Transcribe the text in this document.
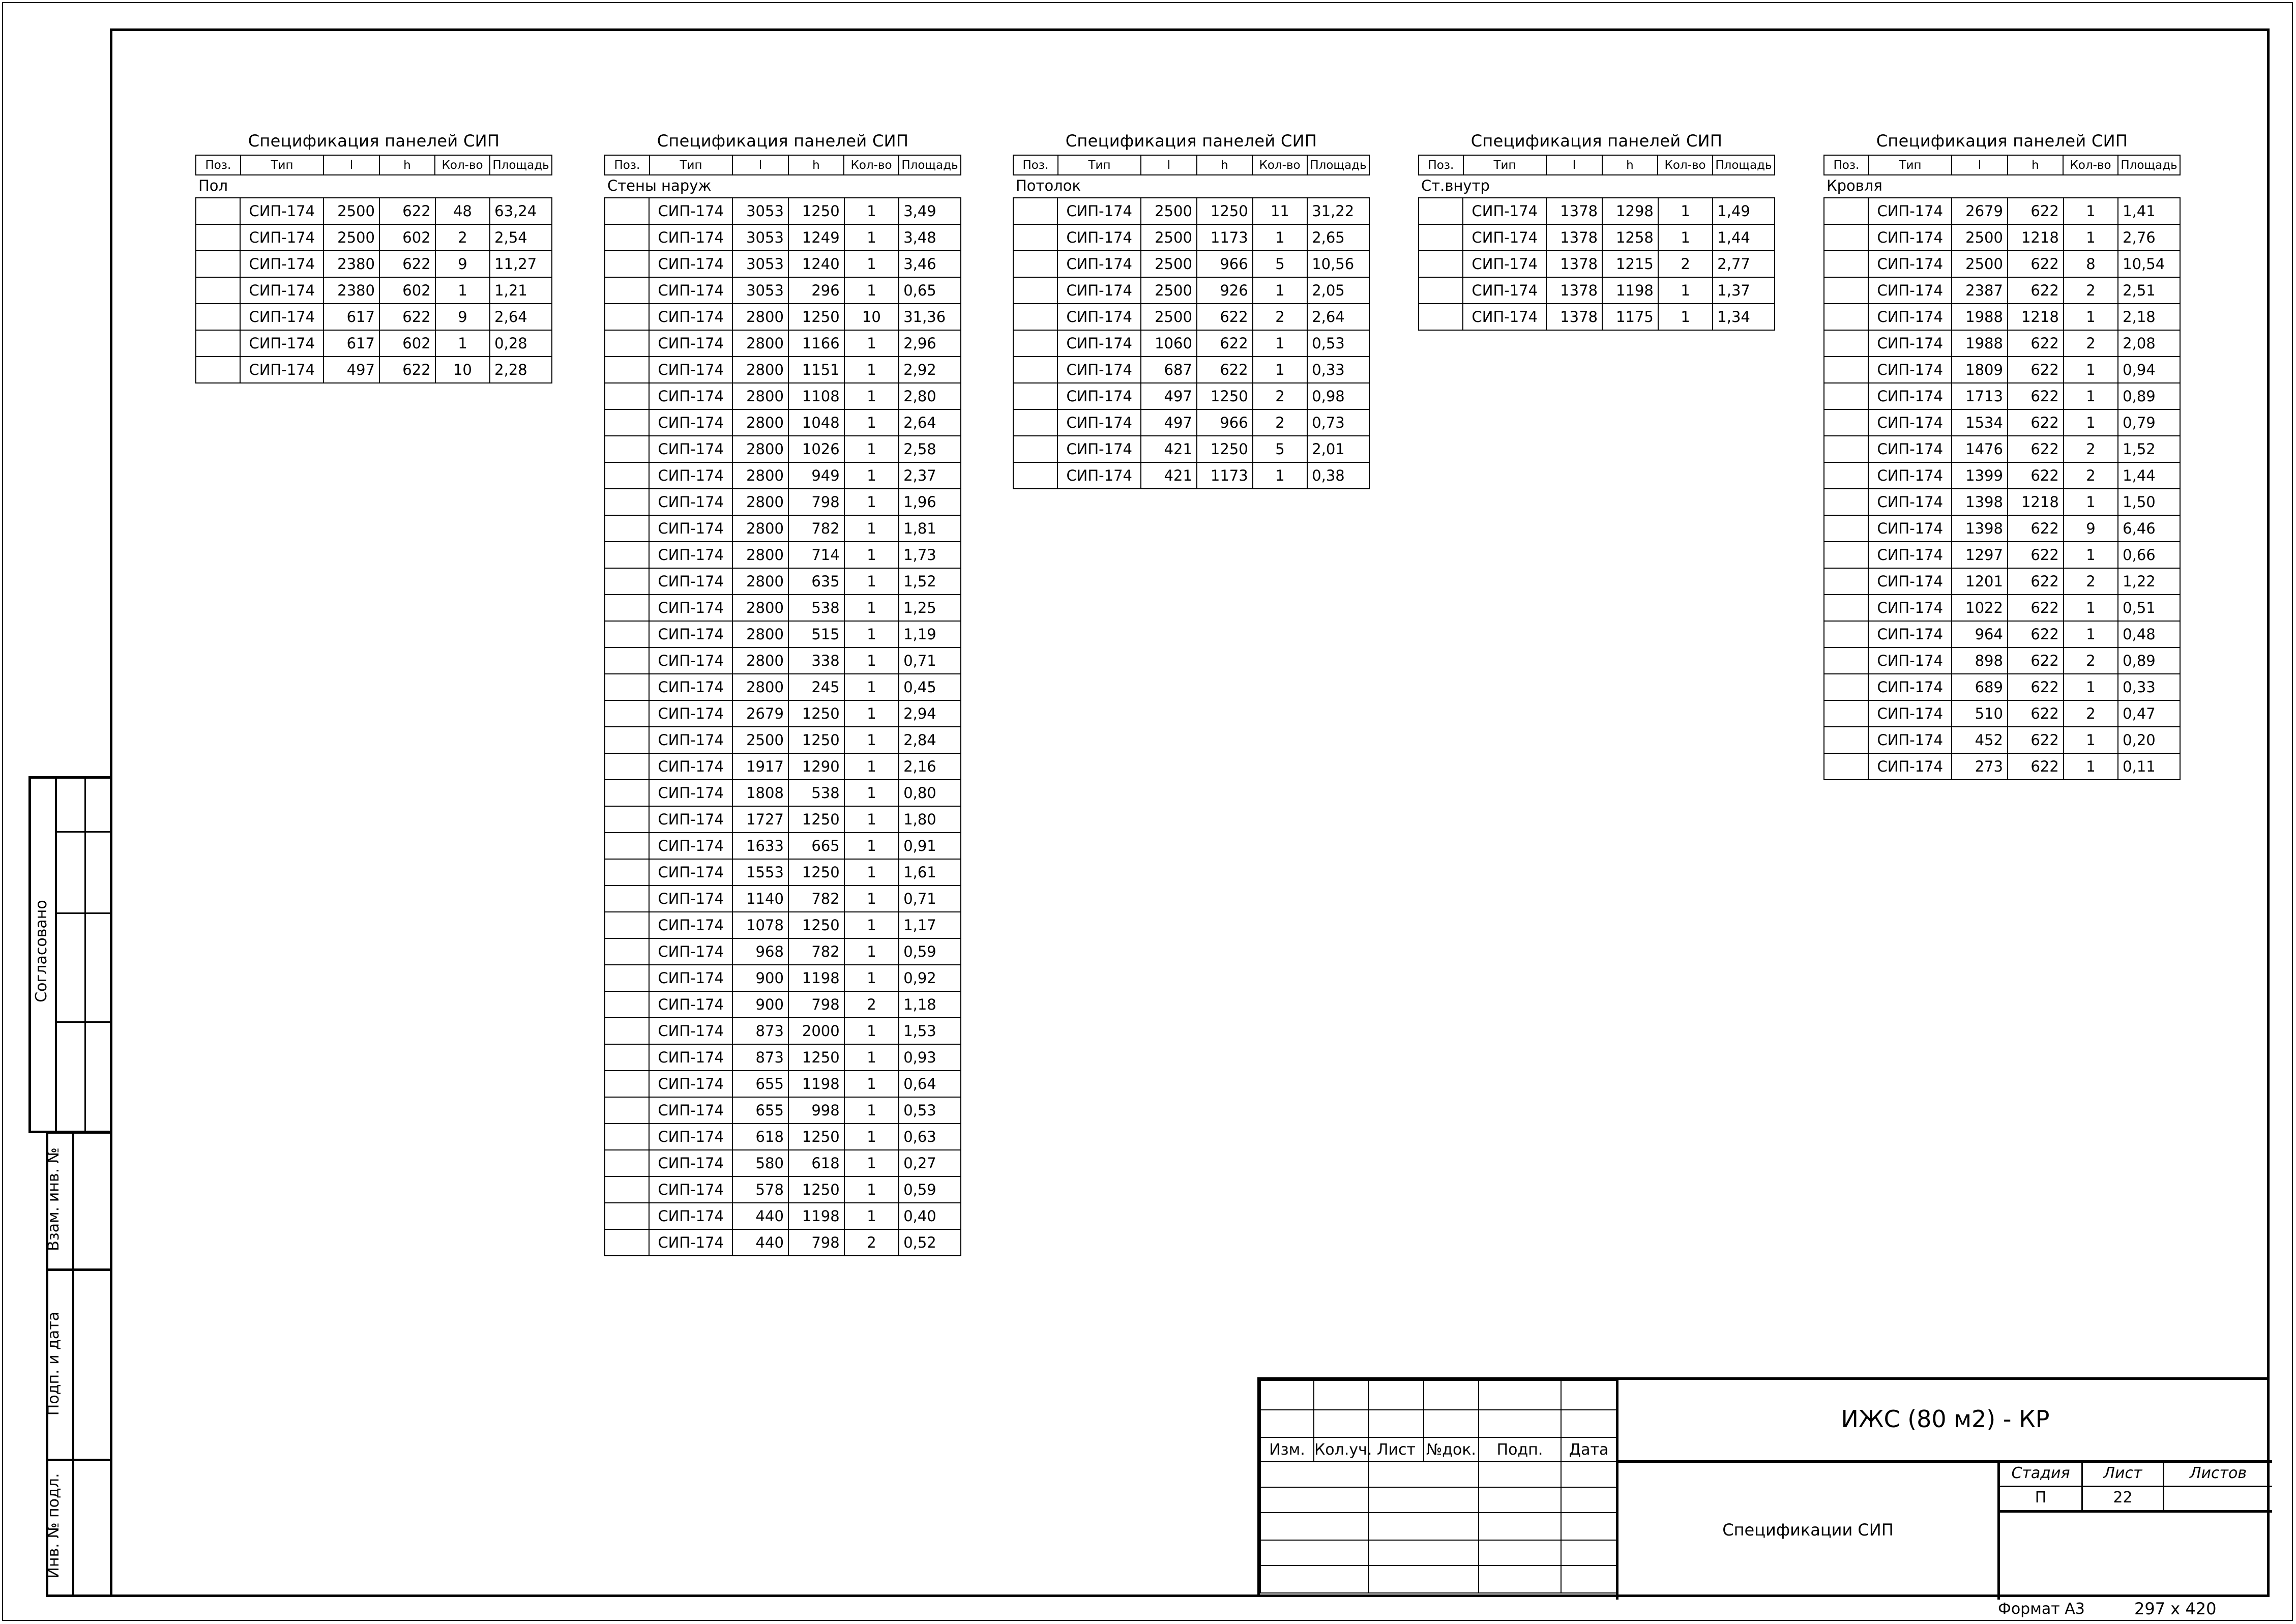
Согласовано
Взам. инв. №
Подп. и дата
Инв. № подл.
Спецификация панелей СИП
Поз.	Тип	l	h	Кол-во	Площадь
Пол
	СИП-174	2500	622	48	63,24
	СИП-174	2500	602	2	2,54
	СИП-174	2380	622	9	11,27
	СИП-174	2380	602	1	1,21
	СИП-174	617	622	9	2,64
	СИП-174	617	602	1	0,28
	СИП-174	497	622	10	2,28
Спецификация панелей СИП
Поз.	Тип	l	h	Кол-во	Площадь
Стены наруж
	СИП-174	3053	1250	1	3,49
	СИП-174	3053	1249	1	3,48
	СИП-174	3053	1240	1	3,46
	СИП-174	3053	296	1	0,65
	СИП-174	2800	1250	10	31,36
	СИП-174	2800	1166	1	2,96
	СИП-174	2800	1151	1	2,92
	СИП-174	2800	1108	1	2,80
	СИП-174	2800	1048	1	2,64
	СИП-174	2800	1026	1	2,58
	СИП-174	2800	949	1	2,37
	СИП-174	2800	798	1	1,96
	СИП-174	2800	782	1	1,81
	СИП-174	2800	714	1	1,73
	СИП-174	2800	635	1	1,52
	СИП-174	2800	538	1	1,25
	СИП-174	2800	515	1	1,19
	СИП-174	2800	338	1	0,71
	СИП-174	2800	245	1	0,45
	СИП-174	2679	1250	1	2,94
	СИП-174	2500	1250	1	2,84
	СИП-174	1917	1290	1	2,16
	СИП-174	1808	538	1	0,80
	СИП-174	1727	1250	1	1,80
	СИП-174	1633	665	1	0,91
	СИП-174	1553	1250	1	1,61
	СИП-174	1140	782	1	0,71
	СИП-174	1078	1250	1	1,17
	СИП-174	968	782	1	0,59
	СИП-174	900	1198	1	0,92
	СИП-174	900	798	2	1,18
	СИП-174	873	2000	1	1,53
	СИП-174	873	1250	1	0,93
	СИП-174	655	1198	1	0,64
	СИП-174	655	998	1	0,53
	СИП-174	618	1250	1	0,63
	СИП-174	580	618	1	0,27
	СИП-174	578	1250	1	0,59
	СИП-174	440	1198	1	0,40
	СИП-174	440	798	2	0,52
Спецификация панелей СИП
Поз.	Тип	l	h	Кол-во	Площадь
Потолок
	СИП-174	2500	1250	11	31,22
	СИП-174	2500	1173	1	2,65
	СИП-174	2500	966	5	10,56
	СИП-174	2500	926	1	2,05
	СИП-174	2500	622	2	2,64
	СИП-174	1060	622	1	0,53
	СИП-174	687	622	1	0,33
	СИП-174	497	1250	2	0,98
	СИП-174	497	966	2	0,73
	СИП-174	421	1250	5	2,01
	СИП-174	421	1173	1	0,38
Спецификация панелей СИП
Поз.	Тип	l	h	Кол-во	Площадь
Ст.внутр
	СИП-174	1378	1298	1	1,49
	СИП-174	1378	1258	1	1,44
	СИП-174	1378	1215	2	2,77
	СИП-174	1378	1198	1	1,37
	СИП-174	1378	1175	1	1,34
Спецификация панелей СИП
Поз.	Тип	l	h	Кол-во	Площадь
Кровля
	СИП-174	2679	622	1	1,41
	СИП-174	2500	1218	1	2,76
	СИП-174	2500	622	8	10,54
	СИП-174	2387	622	2	2,51
	СИП-174	1988	1218	1	2,18
	СИП-174	1988	622	2	2,08
	СИП-174	1809	622	1	0,94
	СИП-174	1713	622	1	0,89
	СИП-174	1534	622	1	0,79
	СИП-174	1476	622	2	1,52
	СИП-174	1399	622	2	1,44
	СИП-174	1398	1218	1	1,50
	СИП-174	1398	622	9	6,46
	СИП-174	1297	622	1	0,66
	СИП-174	1201	622	2	1,22
	СИП-174	1022	622	1	0,51
	СИП-174	964	622	1	0,48
	СИП-174	898	622	2	0,89
	СИП-174	689	622	1	0,33
	СИП-174	510	622	2	0,47
	СИП-174	452	622	1	0,20
	СИП-174	273	622	1	0,11

Изм.	Кол.уч.	Лист	№док.	Подп.	Дата

ИЖС (80 м2) - КР
Спецификации СИП
Стадия	Лист	Листов
П	22
Формат А3	297 x 420
